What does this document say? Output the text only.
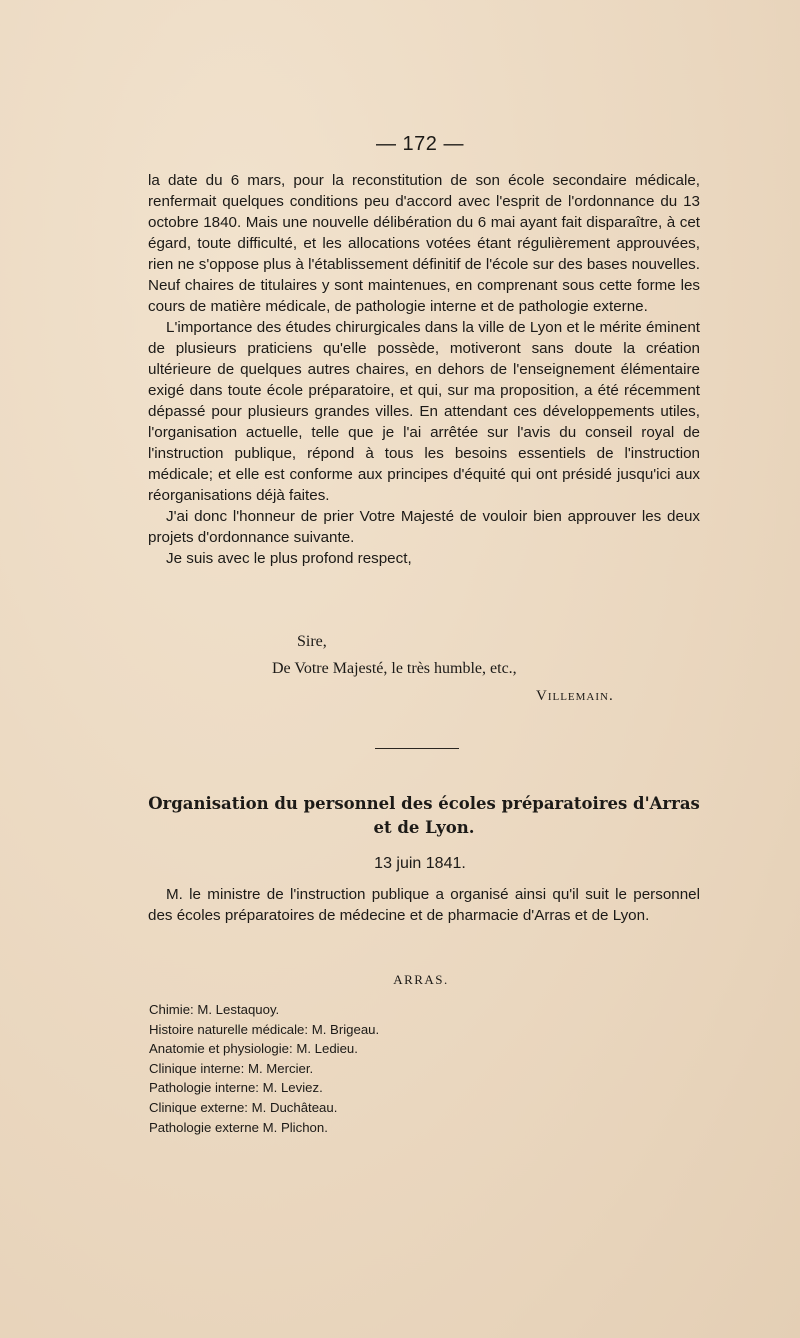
— 172 —

la date du 6 mars, pour la reconstitution de son école secondaire médicale, renfermait quelques conditions peu d'accord avec l'esprit de l'ordonnance du 13 octobre 1840. Mais une nouvelle délibération du 6 mai ayant fait disparaître, à cet égard, toute difficulté, et les allocations votées étant régulièrement approuvées, rien ne s'oppose plus à l'établissement définitif de l'école sur des bases nouvelles. Neuf chaires de titulaires y sont maintenues, en comprenant sous cette forme les cours de matière médicale, de pathologie interne et de pathologie externe.

L'importance des études chirurgicales dans la ville de Lyon et le mérite éminent de plusieurs praticiens qu'elle possède, motiveront sans doute la création ultérieure de quelques autres chaires, en dehors de l'enseignement élémentaire exigé dans toute école préparatoire, et qui, sur ma proposition, a été récemment dépassé pour plusieurs grandes villes. En attendant ces développements utiles, l'organisation actuelle, telle que je l'ai arrêtée sur l'avis du conseil royal de l'instruction publique, répond à tous les besoins essentiels de l'instruction médicale; et elle est conforme aux principes d'équité qui ont présidé jusqu'ici aux réorganisations déjà faites.

J'ai donc l'honneur de prier Votre Majesté de vouloir bien approuver les deux projets d'ordonnance suivante.

Je suis avec le plus profond respect,

Sire,
De Votre Majesté, le très humble, etc.,
Villemain.
Organisation du personnel des écoles préparatoires d'Arras et de Lyon.
13 juin 1841.
M. le ministre de l'instruction publique a organisé ainsi qu'il suit le personnel des écoles préparatoires de médecine et de pharmacie d'Arras et de Lyon.
ARRAS.
Chimie: M. Lestaquoy.
Histoire naturelle médicale: M. Brigeau.
Anatomie et physiologie: M. Ledieu.
Clinique interne: M. Mercier.
Pathologie interne: M. Leviez.
Clinique externe: M. Duchâteau.
Pathologie externe M. Plichon.
